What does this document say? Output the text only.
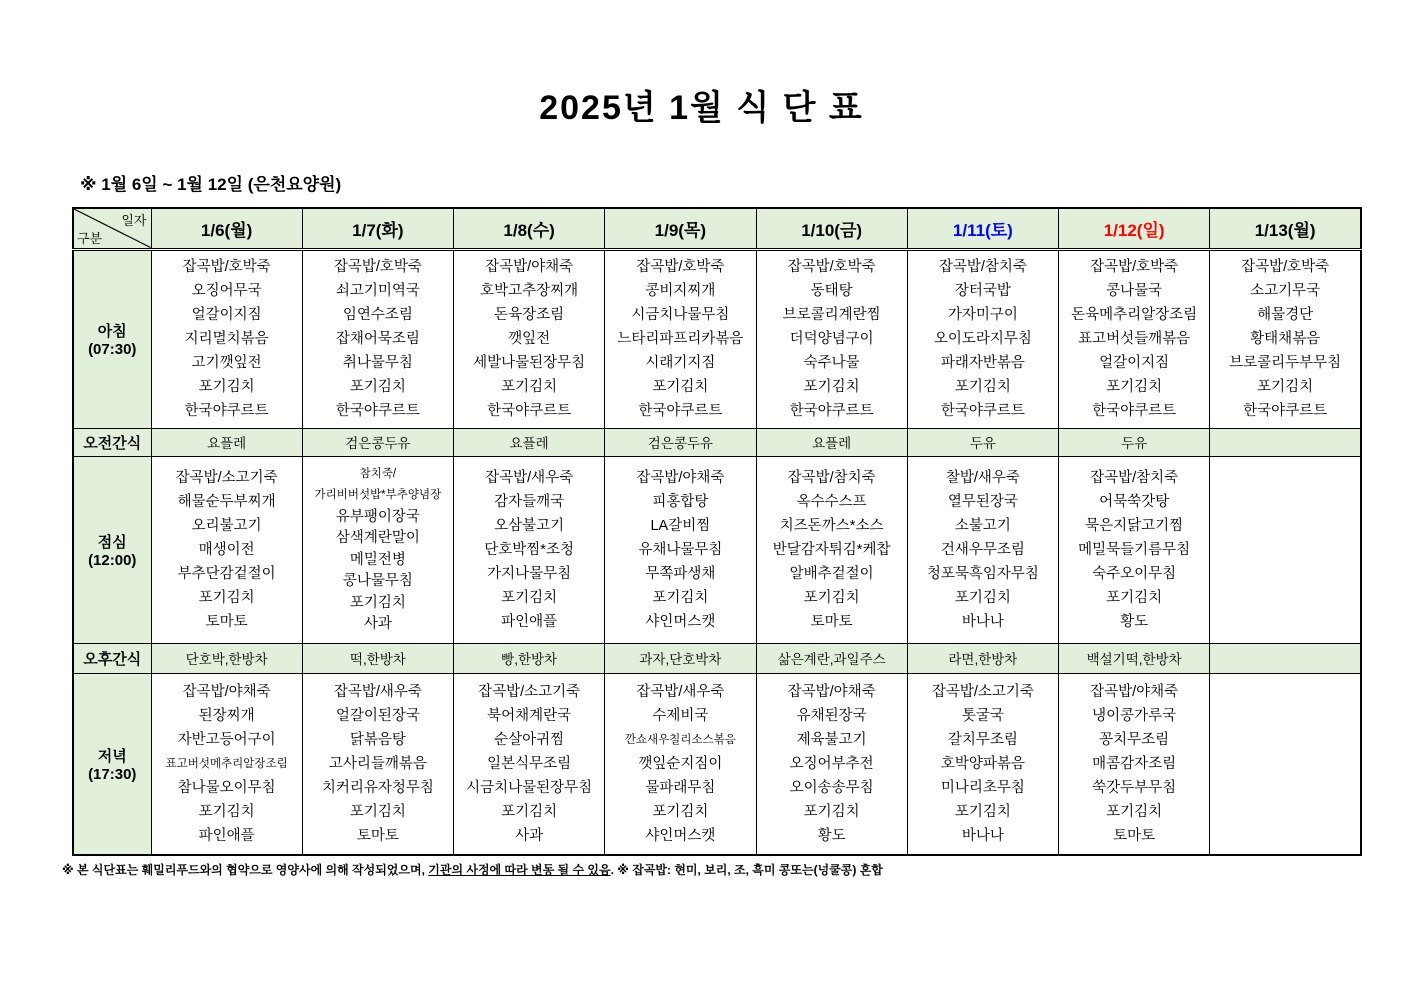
2025년 1월 식 단 표
※ 1월 6일 ~ 1월 12일 (은천요양원)
일자
구분	1/6(월)	1/7(화)	1/8(수)	1/9(목)	1/10(금)	1/11(토)	1/12(일)	1/13(월)

아침
(07:30)

잡곡밥/호박죽
오징어무국
얼갈이지짐
지리멸치볶음
고기깻잎전
포기김치
한국야쿠르트

잡곡밥/호박죽
쇠고기미역국
임연수조림
잡채어묵조림
취나물무침
포기김치
한국야쿠르트

잡곡밥/야채죽
호박고추장찌개
돈육장조림
깻잎전
세발나물된장무침
포기김치
한국야쿠르트

잡곡밥/호박죽
콩비지찌개
시금치나물무침
느타리파프리카볶음
시래기지짐
포기김치
한국야쿠르트

잡곡밥/호박죽
동태탕
브로콜리계란찜
더덕양념구이
숙주나물
포기김치
한국야쿠르트

잡곡밥/참치죽
장터국밥
가자미구이
오이도라지무침
파래자반볶음
포기김치
한국야쿠르트

잡곡밥/호박죽
콩나물국
돈육메추리알장조림
표고버섯들깨볶음
얼갈이지짐
포기김치
한국야쿠르트

잡곡밥/호박죽
소고기무국
해물경단
황태채볶음
브로콜리두부무침
포기김치
한국야쿠르트

오전간식	요플레	검은콩두유	요플레	검은콩두유	요플레	두유	두유	

점심
(12:00)

잡곡밥/소고기죽
해물순두부찌개
오리불고기
매생이전
부추단감겉절이
포기김치
토마토

참치죽/
가리비버섯밥*부추양념장
유부팽이장국
삼색계란말이
메밀전병
콩나물무침
포기김치
사과

잡곡밥/새우죽
감자들깨국
오삼불고기
단호박찜*조청
가지나물무침
포기김치
파인애플

잡곡밥/야채죽
피홍합탕
LA갈비찜
유채나물무침
무쪽파생채
포기김치
샤인머스캣

잡곡밥/참치죽
옥수수스프
치즈돈까스*소스
반달감자튀김*케찹
알배추겉절이
포기김치
토마토

찰밥/새우죽
열무된장국
소불고기
건새우무조림
청포묵흑임자무침
포기김치
바나나

잡곡밥/참치죽
어묵쑥갓탕
묵은지닭고기찜
메밀묵들기름무침
숙주오이무침
포기김치
황도

오후간식	단호박,한방차	떡,한방차	빵,한방차	과자,단호박차	삶은계란,과일주스	라면,한방차	백설기떡,한방차	

저녁
(17:30)

잡곡밥/야채죽
된장찌개
자반고등어구이
표고버섯메추리알장조림
참나물오이무침
포기김치
파인애플

잡곡밥/새우죽
얼갈이된장국
닭볶음탕
고사리들깨볶음
치커리유자청무침
포기김치
토마토

잡곡밥/소고기죽
북어채계란국
순살아귀찜
일본식무조림
시금치나물된장무침
포기김치
사과

잡곡밥/새우죽
수제비국
깐쇼새우칠리소스볶음
깻잎순지짐이
물파래무침
포기김치
샤인머스캣

잡곡밥/야채죽
유채된장국
제육불고기
오징어부추전
오이송송무침
포기김치
황도

잡곡밥/소고기죽
톳굴국
갈치무조림
호박양파볶음
미나리초무침
포기김치
바나나

잡곡밥/야채죽
냉이콩가루국
꽁치무조림
매콤감자조림
쑥갓두부무침
포기김치
토마토

※ 본 식단표는 훼밀리푸드와의 협약으로 영양사에 의해 작성되었으며, 기관의 사정에 따라 변동 될 수 있음. ※ 잡곡밥: 현미, 보리, 조, 흑미 콩또는(넝쿨콩) 혼합
